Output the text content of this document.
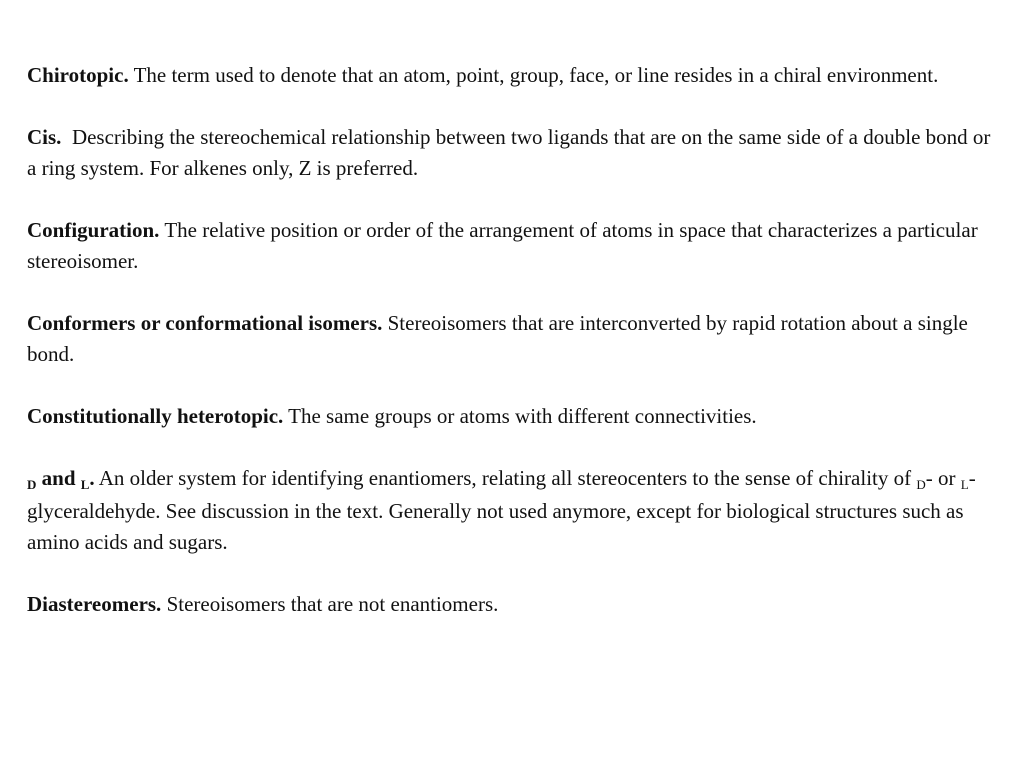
Chirotopic. The term used to denote that an atom, point, group, face, or line resides in a chiral environment.

Cis. Describing the stereochemical relationship between two ligands that are on the same side of a double bond or a ring system. For alkenes only, Z is preferred.

Configuration. The relative position or order of the arrangement of atoms in space that characterizes a particular stereoisomer.

Conformers or conformational isomers. Stereoisomers that are interconverted by rapid rotation about a single bond.

Constitutionally heterotopic. The same groups or atoms with different connectivities.

D and L. An older system for identifying enantiomers, relating all stereocenters to the sense of chirality of D- or L-glyceraldehyde. See discussion in the text. Generally not used anymore, except for biological structures such as amino acids and sugars.

Diastereomers. Stereoisomers that are not enantiomers.
